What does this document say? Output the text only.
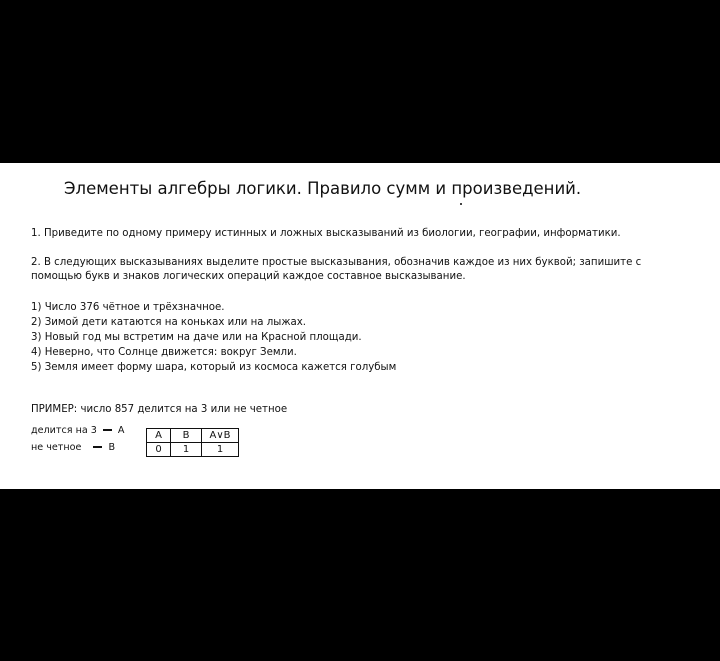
Элементы алгебры логики. Правило сумм и произведений.
1. Приведите по одному примеру истинных и ложных высказываний из биологии, географии, информатики.
2. В следующих высказываниях выделите простые высказывания, обозначив каждое из них буквой; запишите с
помощью букв и знаков логических операций каждое составное высказывание.
1) Число 376 чётное и трёхзначное.
2) Зимой дети катаются на коньках или на лыжах.
3) Новый год мы встретим на даче или на Красной площади.
4) Неверно, что Солнце движется: вокруг Земли.
5) Земля имеет форму шара, который из космоса кажется голубым
ПРИМЕР: число 857 делится на 3 или не четное
делится на 3 A
не четное	B
A	B	A∨B
0	1	1
